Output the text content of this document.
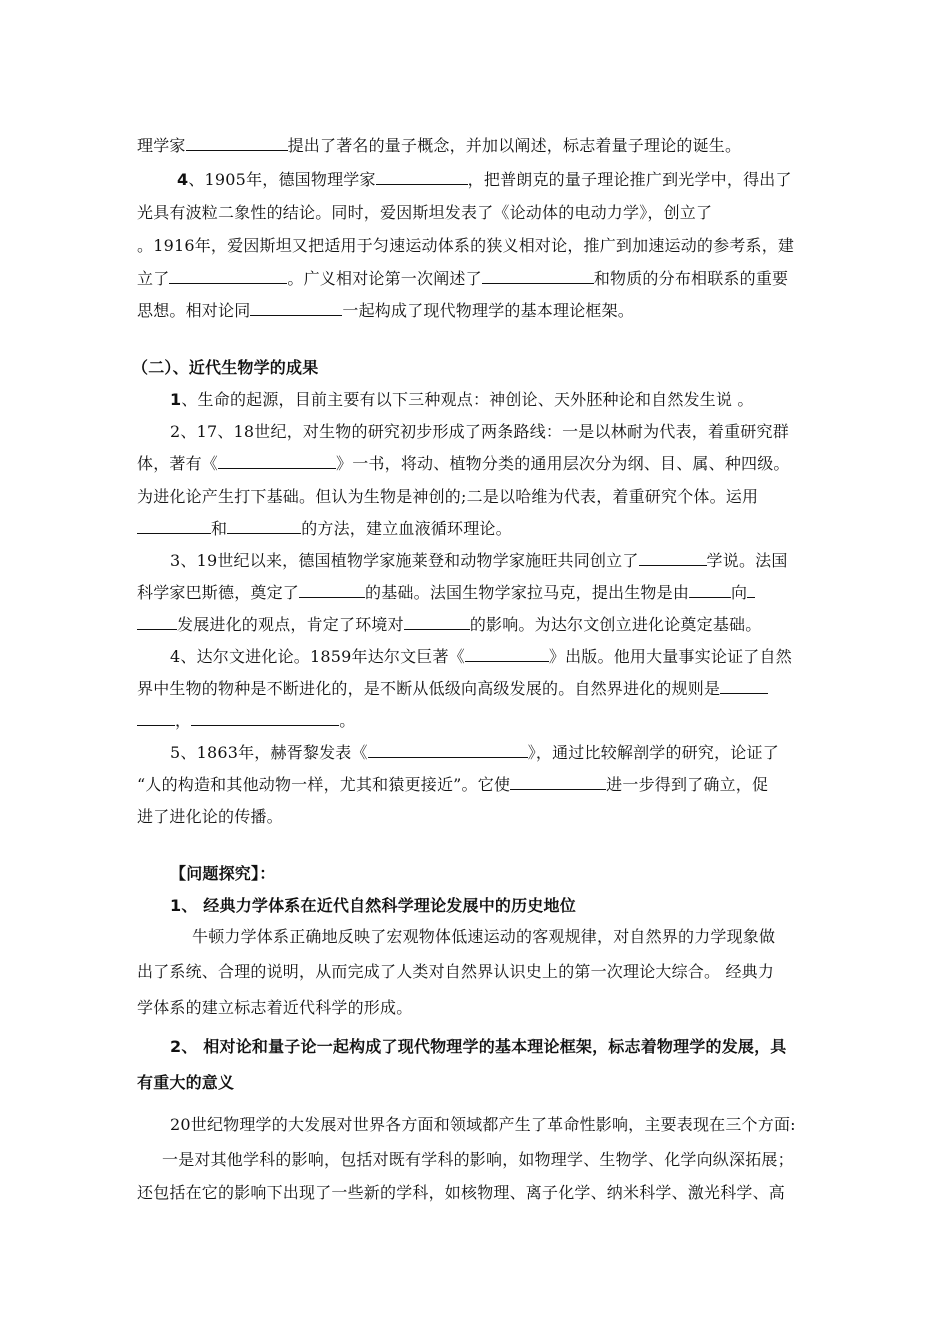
理学家	提出了著名的量子概念，并加以阐述，标志着量子理论的诞生。
4、1905年，德国物理学家	，把普朗克的量子理论推广到光学中，得出了
光具有波粒二象性的结论。同时，爱因斯坦发表了《论动体的电动力学》，创立了
。1916年，爱因斯坦又把适用于匀速运动体系的狭义相对论，推广到加速运动的参考系，建
立了	。广义相对论第一次阐述了	和物质的分布相联系的重要
思想。相对论同	一起构成了现代物理学的基本理论框架。
（二）、近代生物学的成果
1、生命的起源，目前主要有以下三种观点：神创论、天外胚种论和自然发生说 。
2、17、18世纪，对生物的研究初步形成了两条路线：一是以林耐为代表，着重研究群
体，著有《	》一书，将动、植物分类的通用层次分为纲、目、属、种四级。
为进化论产生打下基础。但认为生物是神创的;二是以哈维为代表，着重研究个体。运用
和	的方法，建立血液循环理论。
3、19世纪以来，德国植物学家施莱登和动物学家施旺共同创立了	学说。法国
科学家巴斯德，奠定了	的基础。法国生物学家拉马克，提出生物是由	向
发展进化的观点，肯定了环境对	的影响。为达尔文创立进化论奠定基础。
4、达尔文进化论。1859年达尔文巨著《	》出版。他用大量事实论证了自然
界中生物的物种是不断进化的，是不断从低级向高级发展的。自然界进化的规则是
，	。
5、1863年，赫胥黎发表《	》，通过比较解剖学的研究，论证了
“人的构造和其他动物一样，尤其和猿更接近”。它使	进一步得到了确立，促
进了进化论的传播。
【问题探究】：
1、 经典力学体系在近代自然科学理论发展中的历史地位
牛顿力学体系正确地反映了宏观物体低速运动的客观规律，对自然界的力学现象做
出了系统、合理的说明，从而完成了人类对自然界认识史上的第一次理论大综合。 经典力
学体系的建立标志着近代科学的形成。
2、 相对论和量子论一起构成了现代物理学的基本理论框架，标志着物理学的发展，具
有重大的意义
20世纪物理学的大发展对世界各方面和领域都产生了革命性影响，主要表现在三个方面:
一是对其他学科的影响，包括对既有学科的影响，如物理学、生物学、化学向纵深拓展；
还包括在它的影响下出现了一些新的学科，如核物理、离子化学、纳米科学、激光科学、高
